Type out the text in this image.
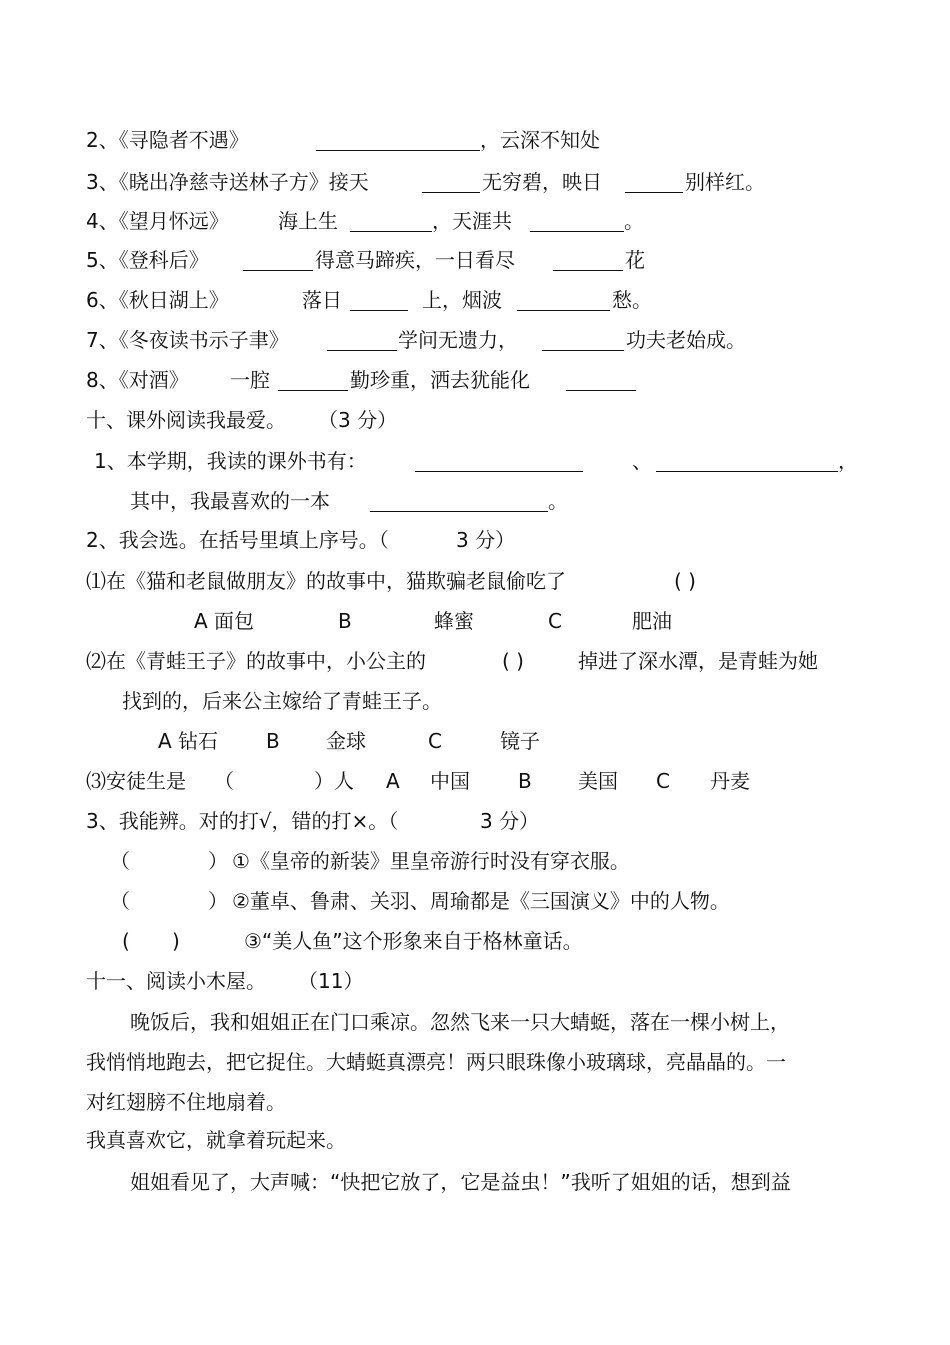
2、《寻隐者不遇》	，云深不知处
3、《晓出净慈寺送林子方》接天	无穷碧，映日	别样红。
4、《望月怀远》 海上生	，天涯共	。
5、《登科后》	得意马蹄疾，一日看尽	花
6、《秋日湖上》	落日	上，烟波	愁。
7、《冬夜读书示子聿》	学问无遗力，	功夫老始成。
8、《对酒》 一腔	勤珍重，洒去犹能化
十、课外阅读我最爱。 （3 分）
1、本学期，我读的课外书有：	、	，
其中，我最喜欢的一本	。
2、我会选。在括号里填上序号。（	3 分）
⑴在《猫和老鼠做朋友》的故事中，猫欺骗老鼠偷吃了	( )
A 面包	B	蜂蜜	C	肥油
⑵在《青蛙王子》的故事中，小公主的	( )	掉进了深水潭，是青蛙为她
找到的，后来公主嫁给了青蛙王子。
A 钻石 B 金球	C	镜子
⑶安徒生是 （	）人 A 中国 B 美国 C 丹麦
3、我能辨。对的打√，错的打×。（	3 分）
（	） ①《皇帝的新装》里皇帝游行时没有穿衣服。
（	） ②董卓、鲁肃、关羽、周瑜都是《三国演义》中的人物。
( )	③“美人鱼”这个形象来自于格林童话。
十一、阅读小木屋。 （11）
晚饭后，我和姐姐正在门口乘凉。忽然飞来一只大蜻蜓，落在一棵小树上，
我悄悄地跑去，把它捉住。大蜻蜓真漂亮！两只眼珠像小玻璃球，亮晶晶的。一
对红翅膀不住地扇着。
我真喜欢它，就拿着玩起来。
姐姐看见了，大声喊：“快把它放了，它是益虫！”我听了姐姐的话，想到益
